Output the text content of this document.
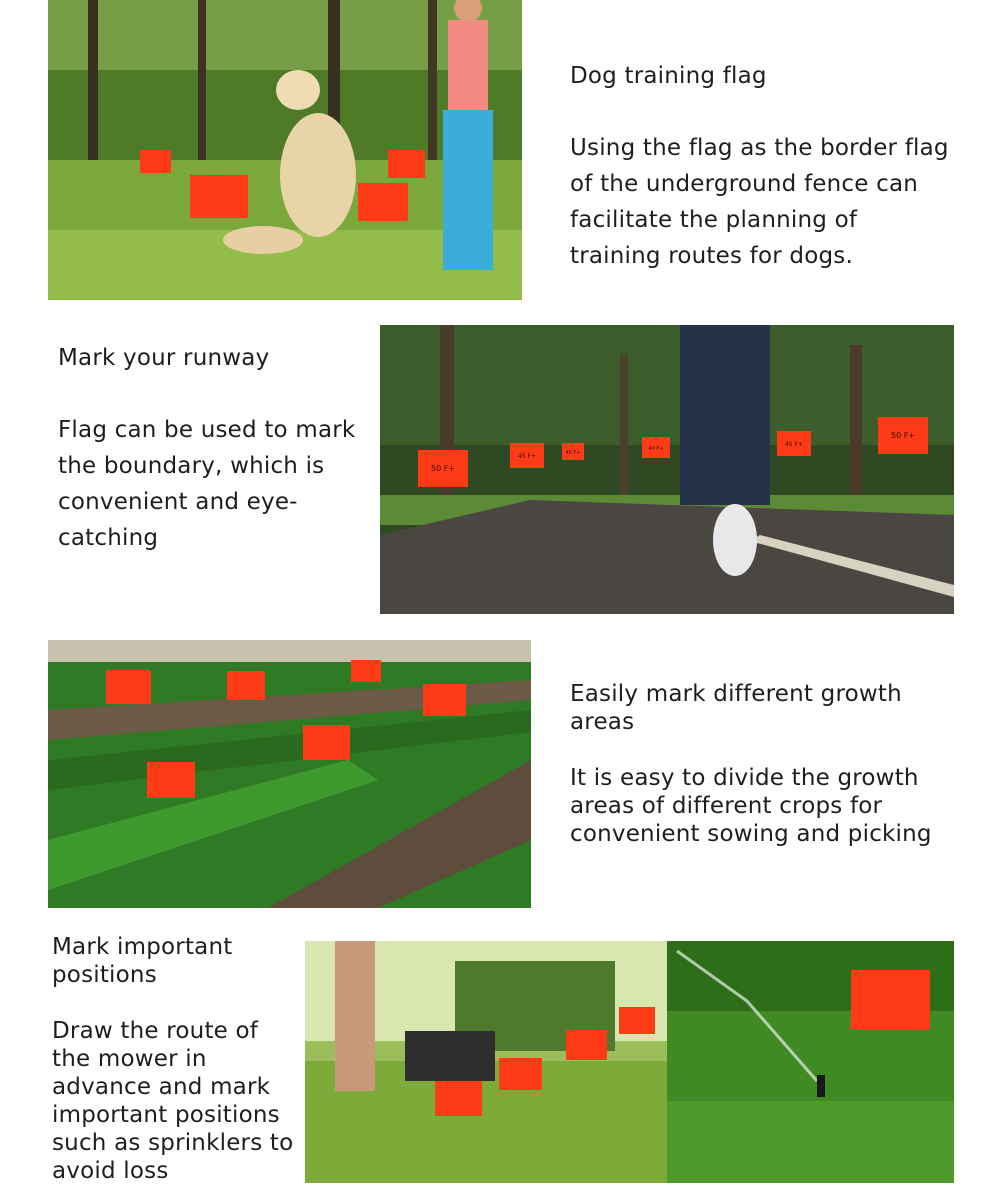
Dog training flag

Using the flag as the border flag of the underground fence can facilitate the planning of training routes for dogs.

Mark your runway

Flag can be used to mark the boundary, which is convenient and eye-catching

50 F+
45 F+	40 F+
40 F+
45 F+
50 F+

Easily mark different growth areas

It is easy to divide the growth areas of different crops for convenient sowing and picking

Mark important positions

Draw the route of the mower in advance and mark important positions such as sprinklers to avoid loss
